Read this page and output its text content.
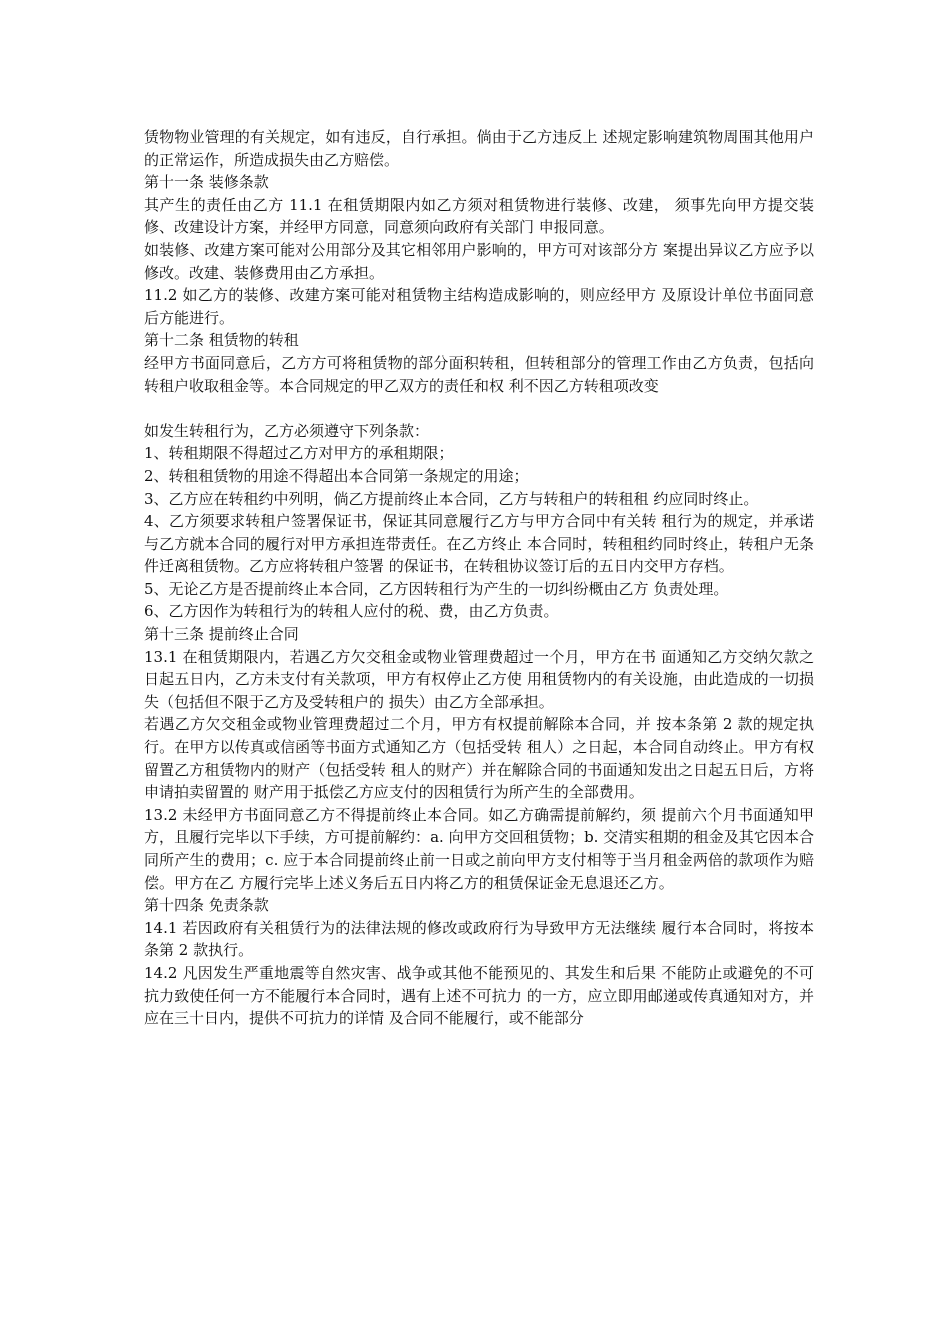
赁物物业管理的有关规定，如有违反，自行承担。倘由于乙方违反上 述规定影响建筑物周围其他用户的正常运作，所造成损失由乙方赔偿。

第十一条 装修条款

其产生的责任由乙方 11.1 在租赁期限内如乙方须对租赁物进行装修、改建， 须事先向甲方提交装修、改建设计方案，并经甲方同意，同意须向政府有关部门 申报同意。

如装修、改建方案可能对公用部分及其它相邻用户影响的，甲方可对该部分方 案提出异议乙方应予以修改。改建、装修费用由乙方承担。

11.2 如乙方的装修、改建方案可能对租赁物主结构造成影响的，则应经甲方 及原设计单位书面同意后方能进行。

第十二条 租赁物的转租

经甲方书面同意后，乙方方可将租赁物的部分面积转租，但转租部分的管理工作由乙方负责，包括向转租户收取租金等。本合同规定的甲乙双方的责任和权 利不因乙方转租项改变

如发生转租行为，乙方必须遵守下列条款：

1、转租期限不得超过乙方对甲方的承租期限；

2、转租租赁物的用途不得超出本合同第一条规定的用途；

3、乙方应在转租约中列明，倘乙方提前终止本合同，乙方与转租户的转租租 约应同时终止。

4、乙方须要求转租户签署保证书，保证其同意履行乙方与甲方合同中有关转 租行为的规定，并承诺与乙方就本合同的履行对甲方承担连带责任。在乙方终止 本合同时，转租租约同时终止，转租户无条件迁离租赁物。乙方应将转租户签署 的保证书，在转租协议签订后的五日内交甲方存档。

5、无论乙方是否提前终止本合同，乙方因转租行为产生的一切纠纷概由乙方 负责处理。

6、乙方因作为转租行为的转租人应付的税、费，由乙方负责。

第十三条 提前终止合同

13.1 在租赁期限内，若遇乙方欠交租金或物业管理费超过一个月，甲方在书 面通知乙方交纳欠款之日起五日内，乙方未支付有关款项，甲方有权停止乙方使 用租赁物内的有关设施，由此造成的一切损失（包括但不限于乙方及受转租户的 损失）由乙方全部承担。

若遇乙方欠交租金或物业管理费超过二个月，甲方有权提前解除本合同，并 按本条第 2 款的规定执行。在甲方以传真或信函等书面方式通知乙方（包括受转 租人）之日起，本合同自动终止。甲方有权留置乙方租赁物内的财产（包括受转 租人的财产）并在解除合同的书面通知发出之日起五日后，方将申请拍卖留置的 财产用于抵偿乙方应支付的因租赁行为所产生的全部费用。

13.2 未经甲方书面同意乙方不得提前终止本合同。如乙方确需提前解约，须 提前六个月书面通知甲方，且履行完毕以下手续，方可提前解约：a. 向甲方交回租赁物；b. 交清实租期的租金及其它因本合同所产生的费用；c. 应于本合同提前终止前一日或之前向甲方支付相等于当月租金两倍的款项作为赔偿。甲方在乙 方履行完毕上述义务后五日内将乙方的租赁保证金无息退还乙方。

第十四条 免责条款

14.1 若因政府有关租赁行为的法律法规的修改或政府行为导致甲方无法继续 履行本合同时，将按本条第 2 款执行。

14.2 凡因发生严重地震等自然灾害、战争或其他不能预见的、其发生和后果 不能防止或避免的不可抗力致使任何一方不能履行本合同时，遇有上述不可抗力 的一方，应立即用邮递或传真通知对方，并应在三十日内，提供不可抗力的详情 及合同不能履行，或不能部分
